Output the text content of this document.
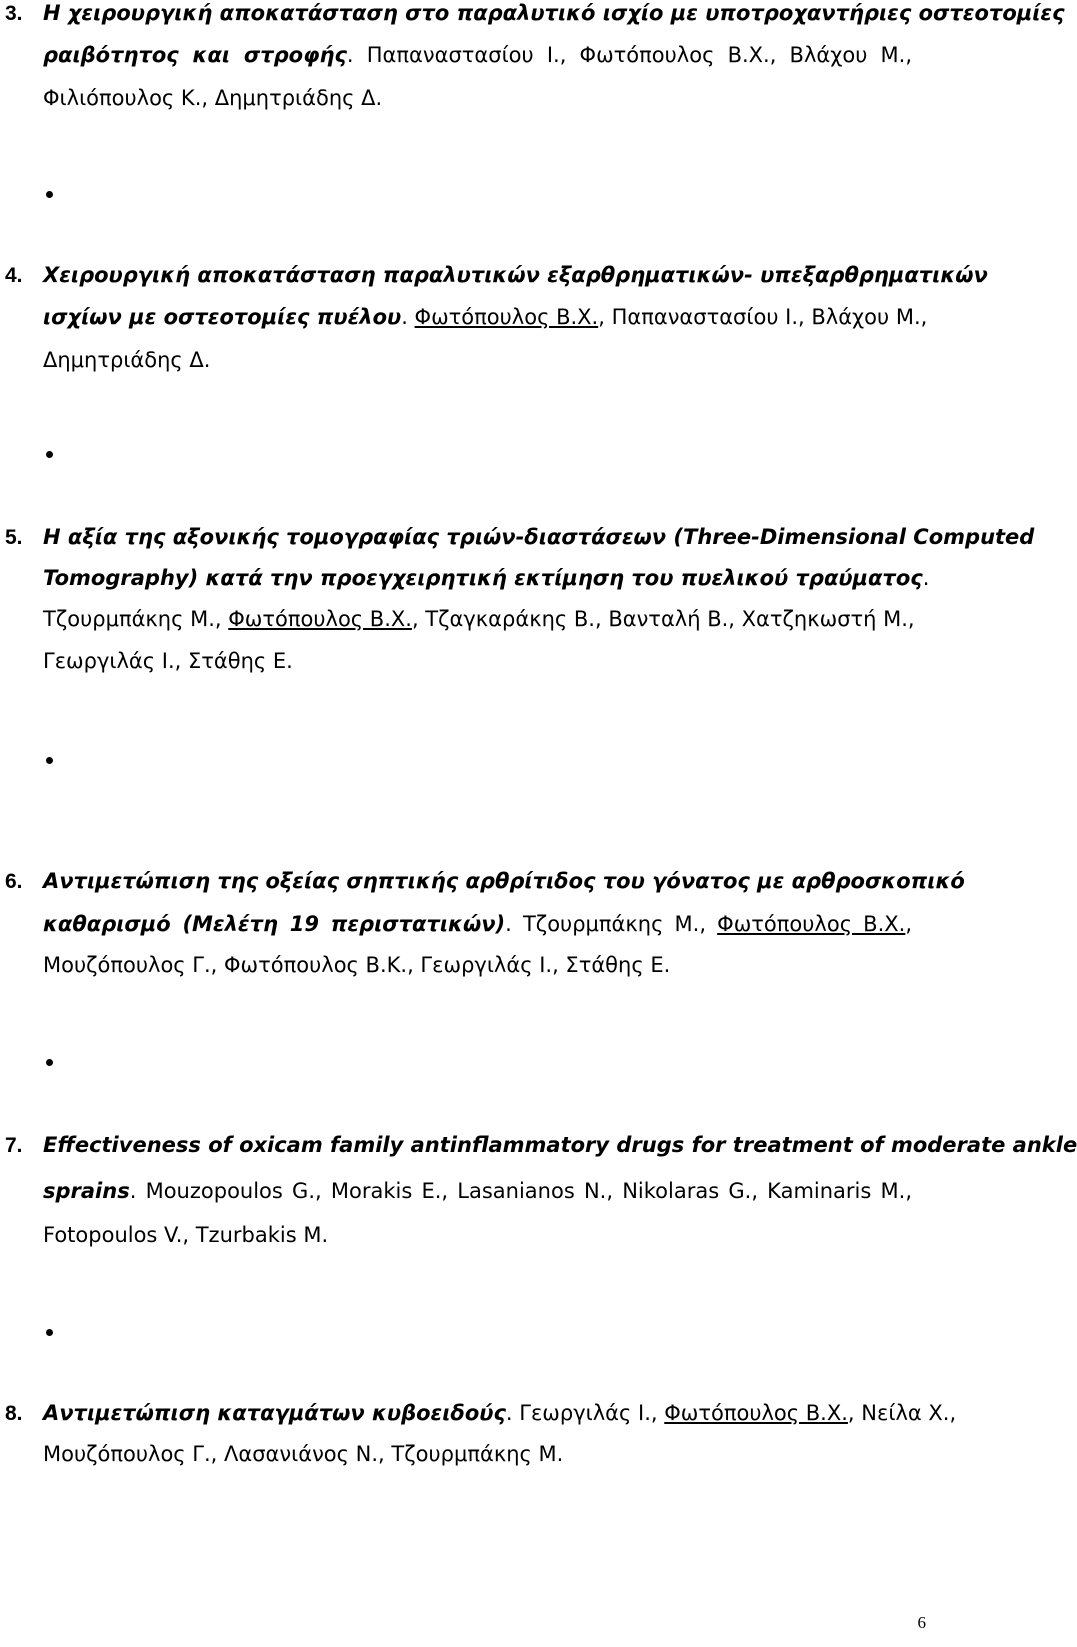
3. Η χειρουργική αποκατάσταση στο παραλυτικό ισχίο με υποτροχαντήριες οστεοτομίες
ραιβότητος και στροφής. Παπαναστασίου Ι., Φωτόπουλος Β.Χ., Βλάχου Μ.,
Φιλιόπουλος Κ., Δημητριάδης Δ.
4. Χειρουργική αποκατάσταση παραλυτικών εξαρθρηματικών- υπεξαρθρηματικών
ισχίων με οστεοτομίες πυέλου. Φωτόπουλος Β.Χ., Παπαναστασίου Ι., Βλάχου Μ.,
Δημητριάδης Δ.
5. Η αξία της αξονικής τομογραφίας τριών-διαστάσεων (Three-Dimensional Computed
Tomography) κατά την προεγχειρητική εκτίμηση του πυελικού τραύματος.
Τζουρμπάκης Μ., Φωτόπουλος Β.Χ., Τζαγκαράκης Β., Βανταλή Β., Χατζηκωστή Μ.,
Γεωργιλάς Ι., Στάθης Ε.
6. Αντιμετώπιση της οξείας σηπτικής αρθρίτιδος του γόνατος με αρθροσκοπικό
καθαρισμό (Μελέτη 19 περιστατικών). Τζουρμπάκης Μ., Φωτόπουλος Β.Χ.,
Μουζόπουλος Γ., Φωτόπουλος Β.Κ., Γεωργιλάς Ι., Στάθης Ε.
7. Effectiveness of oxicam family antinflammatory drugs for treatment of moderate ankle
sprains. Mouzopoulos G., Morakis E., Lasanianos N., Nikolaras G., Kaminaris M.,
Fotopoulos V., Tzurbakis M.
8. Αντιμετώπιση καταγμάτων κυβοειδούς. Γεωργιλάς Ι., Φωτόπουλος Β.Χ., Νείλα Χ.,
Μουζόπουλος Γ., Λασανιάνος Ν., Τζουρμπάκης Μ.
6
